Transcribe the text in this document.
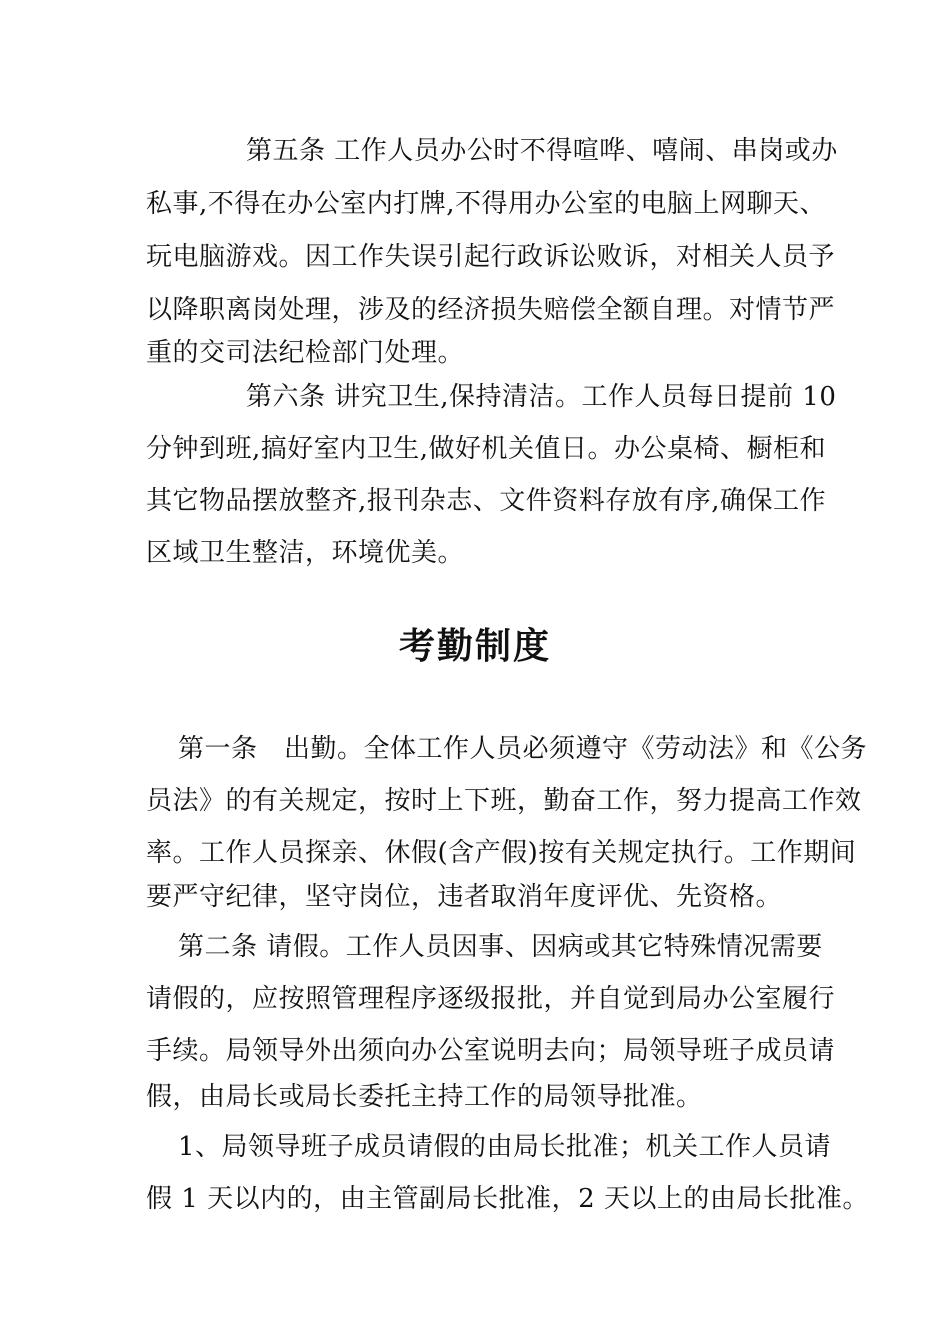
第五条 工作人员办公时不得喧哗、嘻闹、串岗或办
私事,不得在办公室内打牌,不得用办公室的电脑上网聊天、
玩电脑游戏。因工作失误引起行政诉讼败诉，对相关人员予
以降职离岗处理，涉及的经济损失赔偿全额自理。对情节严
重的交司法纪检部门处理。
第六条 讲究卫生,保持清洁。工作人员每日提前 10
分钟到班,搞好室内卫生,做好机关值日。办公桌椅、橱柜和
其它物品摆放整齐,报刊杂志、文件资料存放有序,确保工作
区域卫生整洁，环境优美。
考勤制度
第一条　出勤。全体工作人员必须遵守《劳动法》和《公务
员法》的有关规定，按时上下班，勤奋工作，努力提高工作效
率。工作人员探亲、休假(含产假)按有关规定执行。工作期间
要严守纪律，坚守岗位，违者取消年度评优、先资格。
第二条 请假。工作人员因事、因病或其它特殊情况需要
请假的，应按照管理程序逐级报批，并自觉到局办公室履行
手续。局领导外出须向办公室说明去向；局领导班子成员请
假，由局长或局长委托主持工作的局领导批准。
1、局领导班子成员请假的由局长批准；机关工作人员请
假 1 天以内的，由主管副局长批准，2 天以上的由局长批准。
